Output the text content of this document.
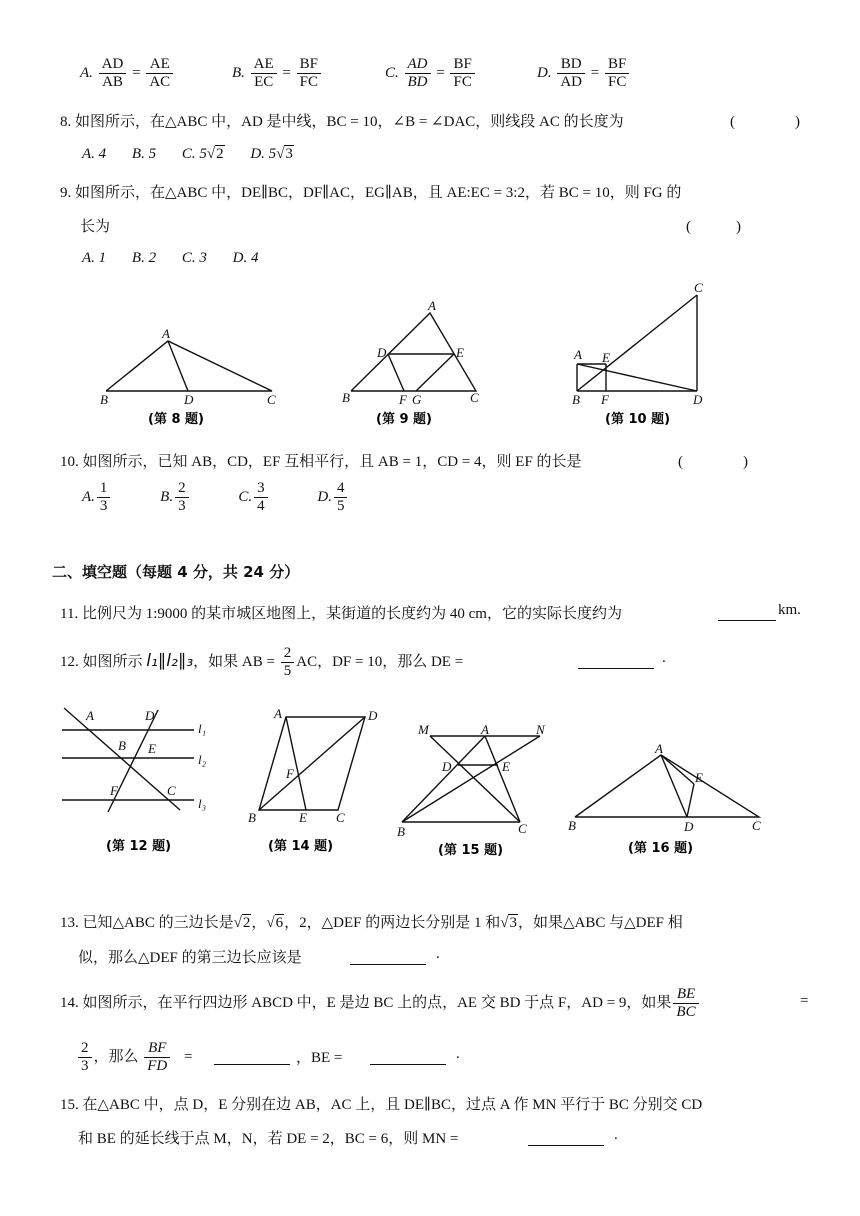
A. $\frac{AD}{AB} = \frac{AE}{AC}$	B. $\frac{AE}{EC} = \frac{BF}{FC}$	C. $\frac{AD}{BD} = \frac{BF}{FC}$	D. $\frac{BD}{AD} = \frac{BF}{FC}$
8. 如图所示，在△ABC 中，AD 是中线，BC = 10，∠B = ∠DAC，则线段 AC 的长度为	(　　　　)
A. 4 B. 5 C. 5√2 D. 5√3
9. 如图所示，在△ABC 中，DE∥BC，DF∥AC，EG∥AB，且 AE:EC = 3:2，若 BC = 10，则 FG 的
长为	(　　　)
A. 1 B. 2 C. 3 D. 4
A
B	D	C
(第 8 题)
A
D	E
B	F G	C
(第 9 题)
C
A E
B F	D
(第 10 题)
10. 如图所示，已知 AB，CD，EF 互相平行，且 AB = 1，CD = 4，则 EF 的长是	(　　　　)
A. $\frac{1}{3}$	B. $\frac{2}{3}$	C. $\frac{3}{4}$	D. $\frac{4}{5}$
二、填空题（每题 4 分，共 24 分）
11. 比例尺为 1:9000 的某市城区地图上，某街道的长度约为 40 cm，它的实际长度约为	km.
12. 如图所示 l₁∥l₂∥₃，如果 AB = $\frac{2}{5}$ AC，DF = 10，那么 DE =	.
A	D
l₁
B E
l₂
F	C
l₃
(第 12 题)
A	D
F
B	E C
(第 14 题)
M	A	N
D	E
B	C
(第 15 题)
A
E
B	D	C
(第 16 题)
13. 已知△ABC 的三边长是√2，√6，2，△DEF 的两边长分别是 1 和√3，如果△ABC 与△DEF 相
似，那么△DEF 的第三边长应该是	.
14. 如图所示，在平行四边形 ABCD 中，E 是边 BC 上的点，AE 交 BD 于点 F，AD = 9，如果 $\frac{BE}{BC}$	=
$\frac{2}{3}$ ，那么 $\frac{BF}{FD}$ =	，BE =	.
15. 在△ABC 中，点 D，E 分别在边 AB，AC 上，且 DE∥BC，过点 A 作 MN 平行于 BC 分别交 CD
和 BE 的延长线于点 M，N，若 DE = 2，BC = 6，则 MN =	.
